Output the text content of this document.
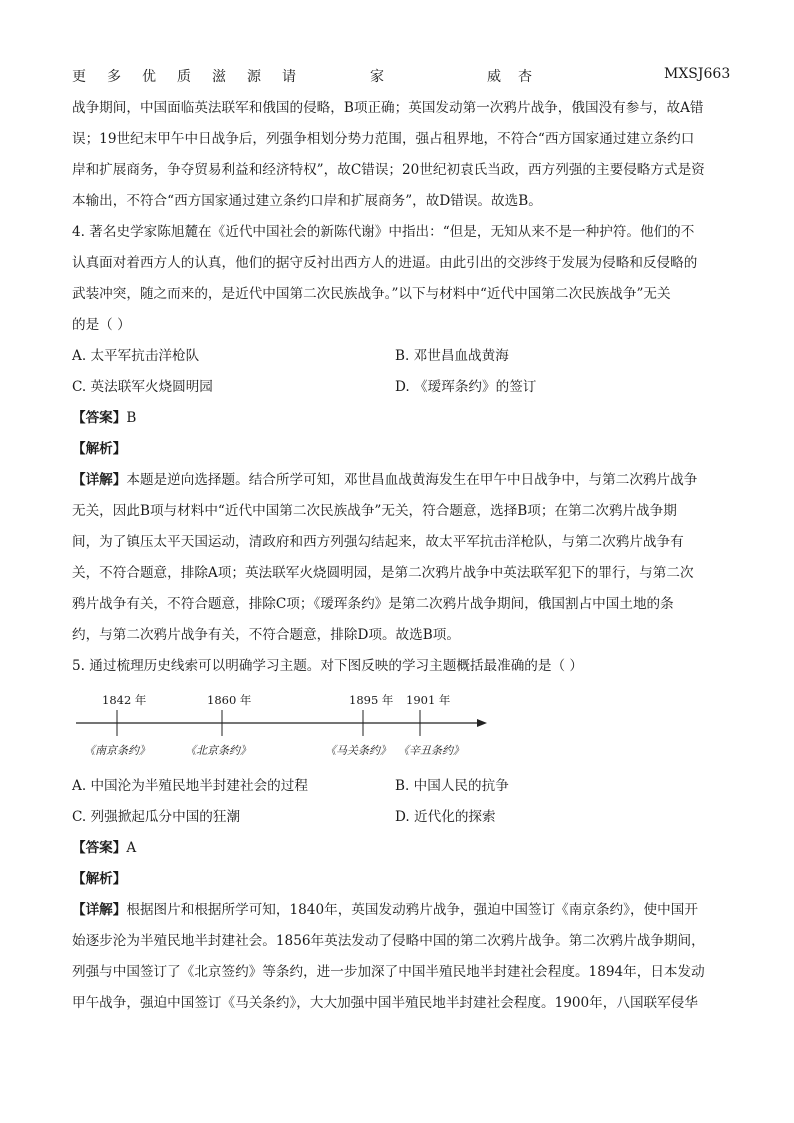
更 多 优 质 滋 源 请	家	威 杏	MXSJ663
战争期间，中国面临英法联军和俄国的侵略，B项正确；英国发动第一次鸦片战争，俄国没有参与，故A错
误；19世纪末甲午中日战争后，列强争相划分势力范围，强占租界地，不符合“西方国家通过建立条约口
岸和扩展商务，争夺贸易利益和经济特权”，故C错误；20世纪初袁氏当政，西方列强的主要侵略方式是资
本输出，不符合“西方国家通过建立条约口岸和扩展商务”，故D错误。故选B。
4. 著名史学家陈旭麓在《近代中国社会的新陈代谢》中指出：“但是，无知从来不是一种护符。他们的不
认真面对着西方人的认真，他们的据守反衬出西方人的进逼。由此引出的交涉终于发展为侵略和反侵略的
武装冲突，随之而来的，是近代中国第二次民族战争。”以下与材料中“近代中国第二次民族战争”无关
的是（ ）
A. 太平军抗击洋枪队	B. 邓世昌血战黄海
C. 英法联军火烧圆明园	D. 《瑷珲条约》的签订
【答案】B
【解析】
【详解】本题是逆向选择题。结合所学可知，邓世昌血战黄海发生在甲午中日战争中，与第二次鸦片战争
无关，因此B项与材料中“近代中国第二次民族战争”无关，符合题意，选择B项；在第二次鸦片战争期
间，为了镇压太平天国运动，清政府和西方列强勾结起来，故太平军抗击洋枪队，与第二次鸦片战争有
关，不符合题意，排除A项；英法联军火烧圆明园，是第二次鸦片战争中英法联军犯下的罪行，与第二次
鸦片战争有关，不符合题意，排除C项；《瑷珲条约》是第二次鸦片战争期间，俄国割占中国土地的条
约，与第二次鸦片战争有关，不符合题意，排除D项。故选B项。
5. 通过梳理历史线索可以明确学习主题。对下图反映的学习主题概括最准确的是（ ）
1842 年	1860 年	1895 年 1901 年
《南京条约》	《北京条约》	《马关条约》 《辛丑条约》
A. 中国沦为半殖民地半封建社会的过程	B. 中国人民的抗争
C. 列强掀起瓜分中国的狂潮	D. 近代化的探索
【答案】A
【解析】
【详解】根据图片和根据所学可知，1840年，英国发动鸦片战争，强迫中国签订《南京条约》，使中国开
始逐步沦为半殖民地半封建社会。1856年英法发动了侵略中国的第二次鸦片战争。第二次鸦片战争期间，
列强与中国签订了《北京签约》等条约，进一步加深了中国半殖民地半封建社会程度。1894年，日本发动
甲午战争，强迫中国签订《马关条约》，大大加强中国半殖民地半封建社会程度。1900年，八国联军侵华
